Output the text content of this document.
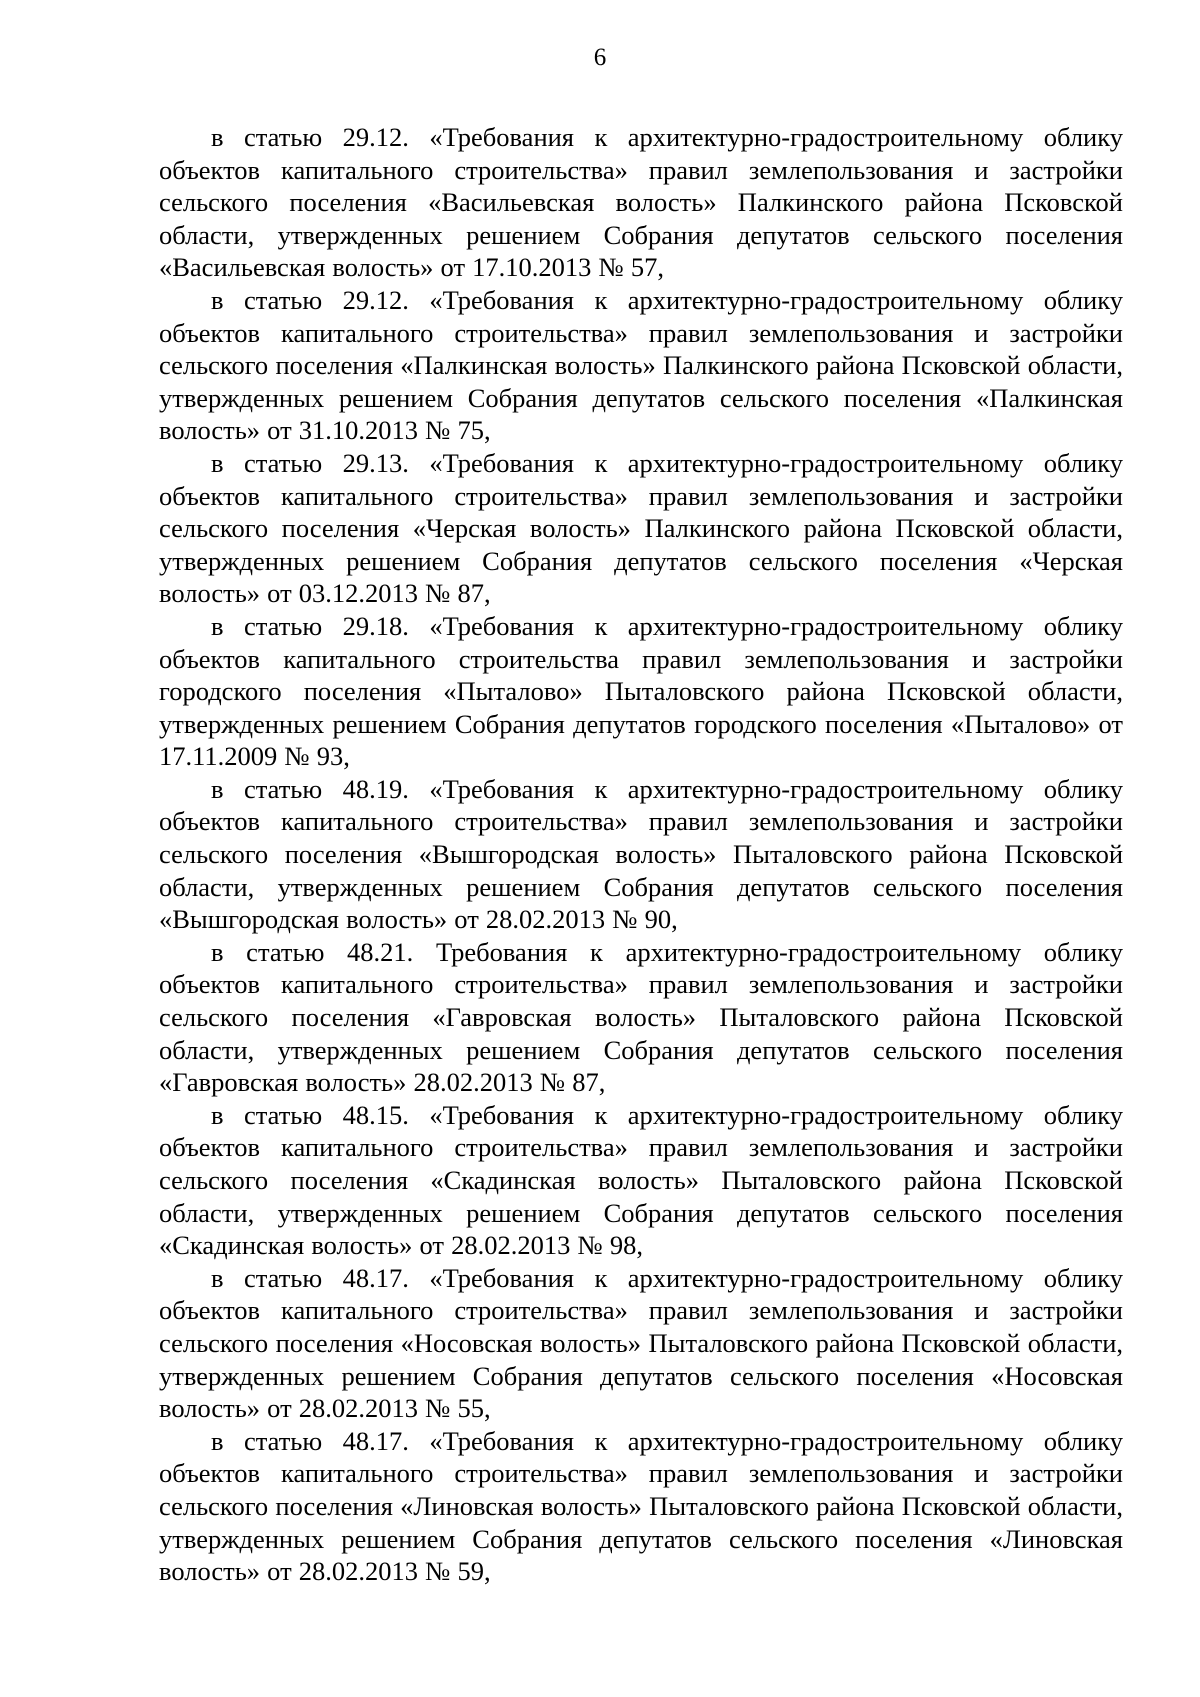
6

в статью 29.12. «Требования к архитектурно-градостроительному облику объектов капитального строительства» правил землепользования и застройки сельского поселения «Васильевская волость» Палкинского района Псковской области, утвержденных решением Собрания депутатов сельского поселения «Васильевская волость» от 17.10.2013 № 57,

в статью 29.12. «Требования к архитектурно-градостроительному облику объектов капитального строительства» правил землепользования и застройки сельского поселения «Палкинская волость» Палкинского района Псковской области, утвержденных решением Собрания депутатов сельского поселения «Палкинская волость» от 31.10.2013 № 75,

в статью 29.13. «Требования к архитектурно-градостроительному облику объектов капитального строительства» правил землепользования и застройки сельского поселения «Черская волость» Палкинского района Псковской области, утвержденных решением Собрания депутатов сельского поселения «Черская волость» от 03.12.2013 № 87,

в статью 29.18. «Требования к архитектурно-градостроительному облику объектов капитального строительства правил землепользования и застройки городского поселения «Пыталово» Пыталовского района Псковской области, утвержденных решением Собрания депутатов городского поселения «Пыталово» от 17.11.2009 № 93,

в статью 48.19. «Требования к архитектурно-градостроительному облику объектов капитального строительства» правил землепользования и застройки сельского поселения «Вышгородская волость» Пыталовского района Псковской области, утвержденных решением Собрания депутатов сельского поселения «Вышгородская волость» от 28.02.2013 № 90,

в статью 48.21. Требования к архитектурно-градостроительному облику объектов капитального строительства» правил землепользования и застройки сельского поселения «Гавровская волость» Пыталовского района Псковской области, утвержденных решением Собрания депутатов сельского поселения «Гавровская волость» 28.02.2013 № 87,

в статью 48.15. «Требования к архитектурно-градостроительному облику объектов капитального строительства» правил землепользования и застройки сельского поселения «Скадинская волость» Пыталовского района Псковской области, утвержденных решением Собрания депутатов сельского поселения «Скадинская волость» от 28.02.2013 № 98,

в статью 48.17. «Требования к архитектурно-градостроительному облику объектов капитального строительства» правил землепользования и застройки сельского поселения «Носовская волость» Пыталовского района Псковской области, утвержденных решением Собрания депутатов сельского поселения «Носовская волость» от 28.02.2013 № 55,

в статью 48.17. «Требования к архитектурно-градостроительному облику объектов капитального строительства» правил землепользования и застройки сельского поселения «Линовская волость» Пыталовского района Псковской области, утвержденных решением Собрания депутатов сельского поселения «Линовская волость» от 28.02.2013 № 59,
